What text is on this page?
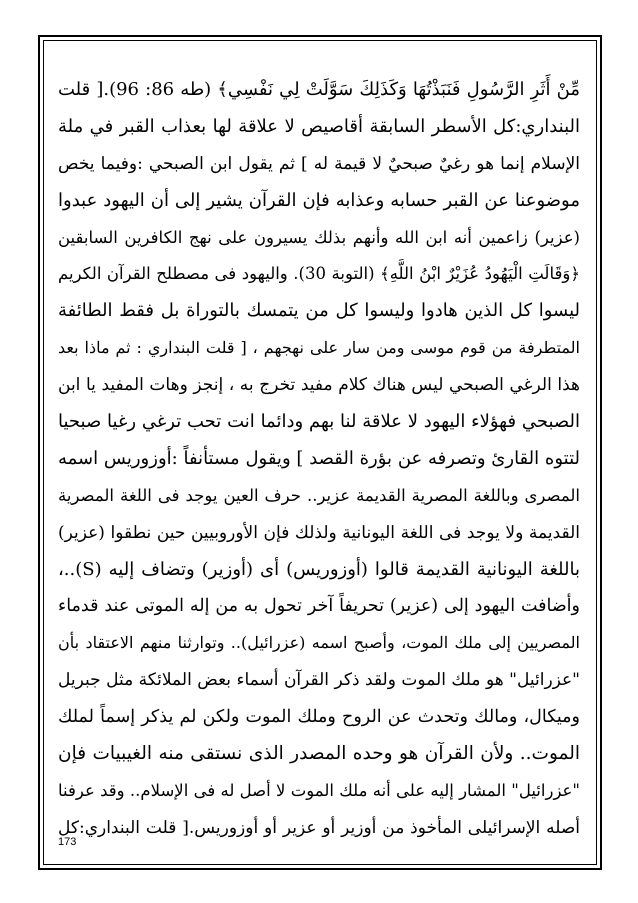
مِّنْ أَثَرِ الرَّسُولِ فَنَبَذْتُهَا وَكَذَلِكَ سَوَّلَتْ لِي نَفْسِي﴾ (طه 86: 96).[ قلت
البنداري:كل الأسطر السابقة أقاصيص لا علاقة لها بعذاب القبر في ملة
الإسلام إنما هو رغيٌ صبحيٌ لا قيمة له ] ثم يقول ابن الصبحي :وفيما يخص
موضوعنا عن القبر حسابه وعذابه فإن القرآن يشير إلى أن اليهود عبدوا
(عزير) زاعمين أنه ابن الله وأنهم بذلك يسيرون على نهج الكافرين السابقين
﴿وَقَالَتِ الْيَهُودُ عُزَيْرٌ ابْنُ اللَّهِ﴾ (التوبة 30). واليهود فى مصطلح القرآن الكريم
ليسوا كل الذين هادوا وليسوا كل من يتمسك بالتوراة بل فقط الطائفة
المتطرفة من قوم موسى ومن سار على نهجهم ، [ قلت البنداري : ثم ماذا بعد
هذا الرغي الصبحي ليس هناك كلام مفيد تخرج به ، إنجز وهات المفيد يا ابن
الصبحي فهؤلاء اليهود لا علاقة لنا بهم ودائما انت تحب ترغي رغيا صبحيا
لتتوه القارئ وتصرفه عن بؤرة القصد ] ويقول مستأنفاً :أوزوريس اسمه
المصرى وباللغة المصرية القديمة عزير.. حرف العين يوجد فى اللغة المصرية
القديمة ولا يوجد فى اللغة اليونانية ولذلك فإن الأوروبيين حين نطقوا (عزير)
باللغة اليونانية القديمة قالوا (أوزوريس) أى (أوزير) وتضاف إليه (S)..،
وأضافت اليهود إلى (عزير) تحريفاً آخر تحول به من إله الموتى عند قدماء
المصريين إلى ملك الموت، وأصبح اسمه (عزرائيل).. وتوارثنا منهم الاعتقاد بأن
"عزرائيل" هو ملك الموت ولقد ذكر القرآن أسماء بعض الملائكة مثل جبريل
وميكال، ومالك وتحدث عن الروح وملك الموت ولكن لم يذكر إسماً لملك
الموت.. ولأن القرآن هو وحده المصدر الذى نستقى منه الغيبيات فإن
"عزرائيل" المشار إليه على أنه ملك الموت لا أصل له فى الإسلام.. وقد عرفنا
أصله الإسرائيلى المأخوذ من أوزير أو عزير أو أوزوريس.[ قلت البنداري:كل
173
